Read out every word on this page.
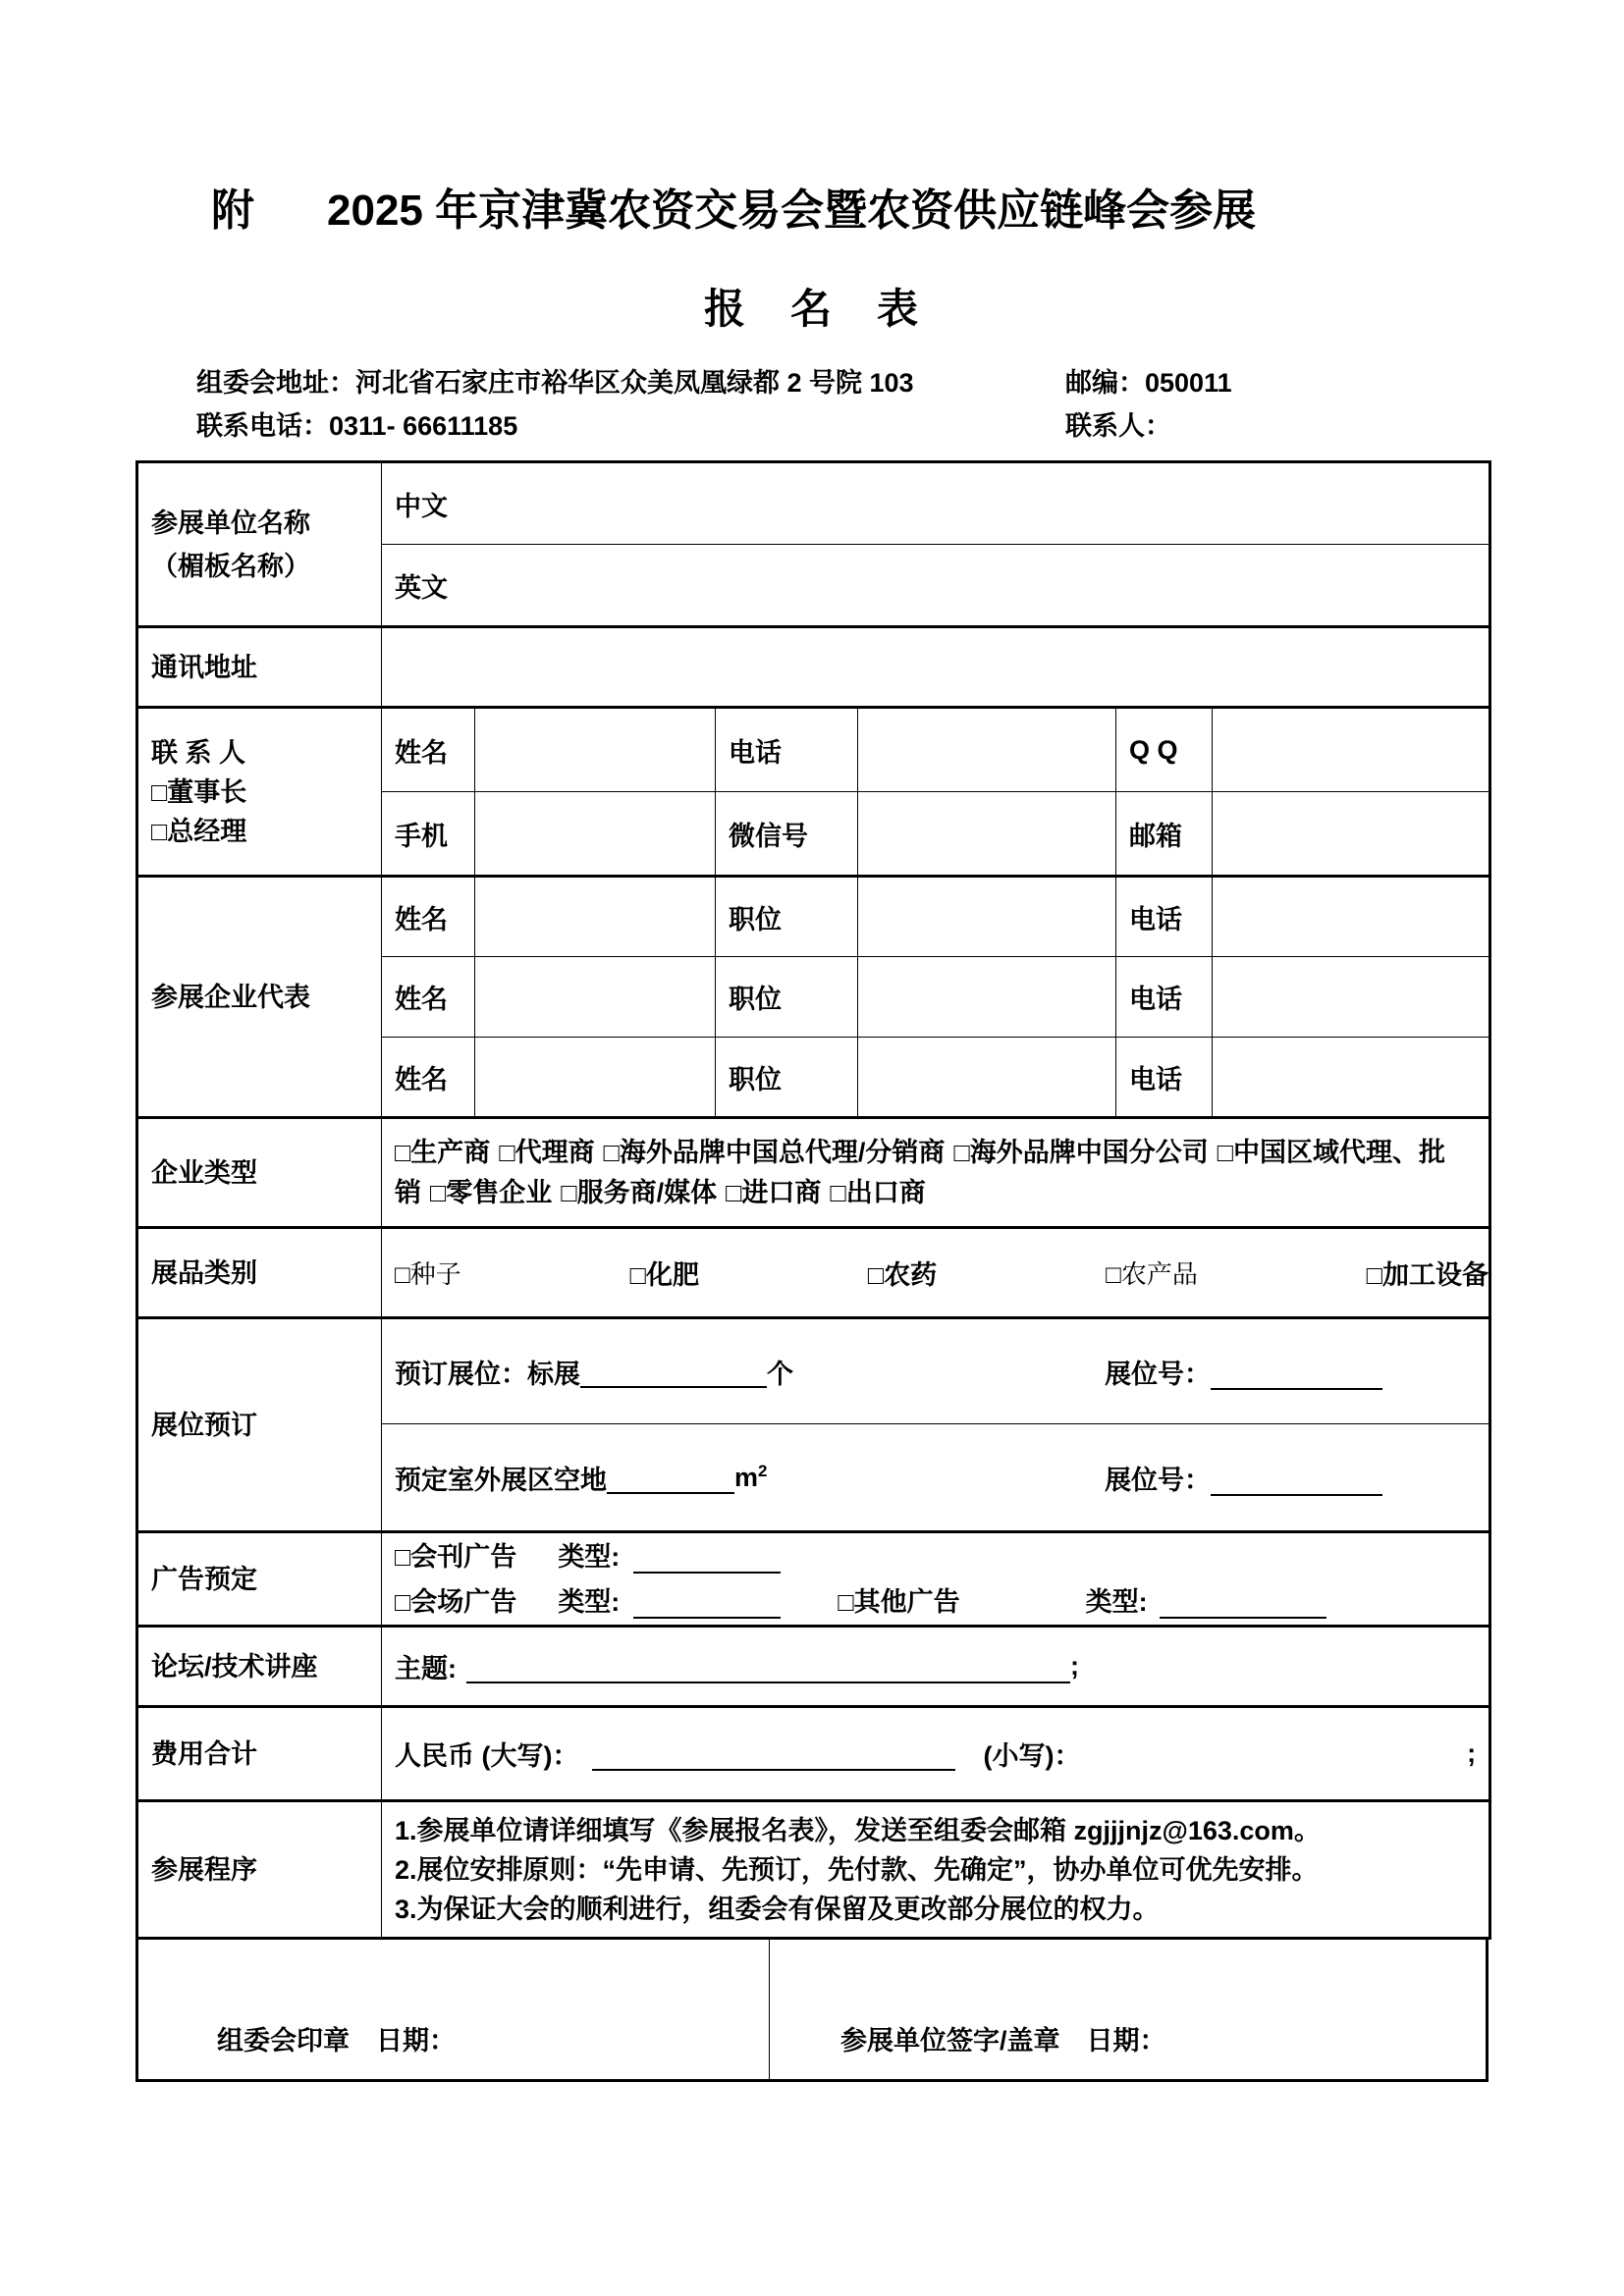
附 2025 年京津冀农资交易会暨农资供应链峰会参展
报　名　表
组委会地址：河北省石家庄市裕华区众美凤凰绿都 2 号院 103	邮编：050011
联系电话：0311- 66611185	联系人：
参展单位名称
（楣板名称）	中文					
	英文					
通讯地址						

联 系 人
□董事长
□总经理	姓名		电话		Q Q	
	手机		微信号		邮箱	
参展企业代表	姓名		职位		电话	
	姓名		职位		电话	
	姓名		职位		电话	
企业类型	□生产商 □代理商 □海外品牌中国总代理/分销商 □海外品牌中国分公司 □中国区域代理、批销 □零售企业 □服务商/媒体 □进口商 □出口商					

展品类别	□种子 □化肥 □农药 □农产品 □加工设备					

展位预订	预订展位：标展 个 展位号：					

	预定室外展区空地 $m^2$ 展位号：					

广告预定	
□会刊广告 类型:
□会场广告 类型:	□其他广告	类型:

论坛/技术讲座	主题: ;					

费用合计	人民币 (大写)： (小写)： ;					

参展程序	1.参展单位请详细填写《参展报名表》，发送至组委会邮箱 zgjjjnjz@163.com。
2.展位安排原则：“先申请、先预订，先付款、先确定”，协办单位可优先安排。
3.为保证大会的顺利进行，组委会有保留及更改部分展位的权力。					
组委会印章　日期：	参展单位签字/盖章　日期：
